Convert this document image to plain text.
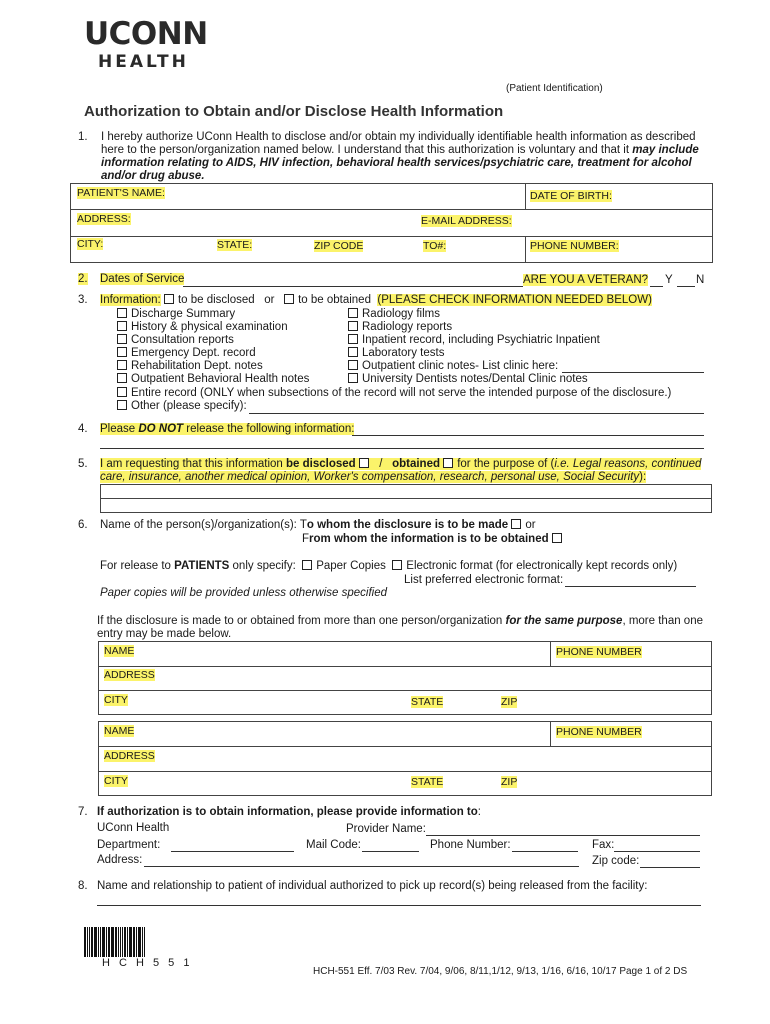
UCONN
HEALTH
(Patient Identification)
Authorization to Obtain and/or Disclose Health Information
1. I hereby authorize UConn Health to disclose and/or obtain my individually identifiable health information as described
here to the person/organization named below. I understand that this authorization is voluntary and that it may include
information relating to AIDS, HIV infection, behavioral health services/psychiatric care, treatment for alcohol
and/or drug abuse.
PATIENT'S NAME:	DATE OF BIRTH:
ADDRESS:	E-MAIL ADDRESS:
CITY:	STATE:	ZIP CODE	TO#:	PHONE NUMBER:
2. Dates of Service	ARE YOU A VETERAN? Y N
3. Information: to be disclosed or to be obtained (PLEASE CHECK INFORMATION NEEDED BELOW)
Discharge Summary
History & physical examination
Consultation reports
Emergency Dept. record
Rehabilitation Dept. notes
Outpatient Behavioral Health notes
Radiology films
Radiology reports
Inpatient record, including Psychiatric Inpatient
Laboratory tests
Outpatient clinic notes- List clinic here:
University Dentists notes/Dental Clinic notes
Entire record (ONLY when subsections of the record will not serve the intended purpose of the disclosure.)
Other (please specify):
4. Please DO NOT release the following information:
5. I am requesting that this information be disclosed / obtained for the purpose of (i.e. Legal reasons, continued
care, insurance, another medical opinion, Worker's compensation, research, personal use, Social Security):
6. Name of the person(s)/organization(s): To whom the disclosure is to be made or
From whom the information is to be obtained
For release to PATIENTS only specify: Paper Copies Electronic format (for electronically kept records only)
List preferred electronic format:
Paper copies will be provided unless otherwise specified
If the disclosure is made to or obtained from more than one person/organization for the same purpose, more than one
entry may be made below.
NAME	PHONE NUMBER
ADDRESS
CITY	STATE	ZIP
NAME	PHONE NUMBER
ADDRESS
CITY	STATE	ZIP
7. If authorization is to obtain information, please provide information to:
UConn Health	Provider Name:
Department:	Mail Code:	Phone Number:	Fax:
Address:	Zip code:
8. Name and relationship to patient of individual authorized to pick up record(s) being released from the facility:
H C H 5 5 1
HCH-551 Eff. 7/03 Rev. 7/04, 9/06, 8/11,1/12, 9/13, 1/16, 6/16, 10/17 Page 1 of 2 DS
